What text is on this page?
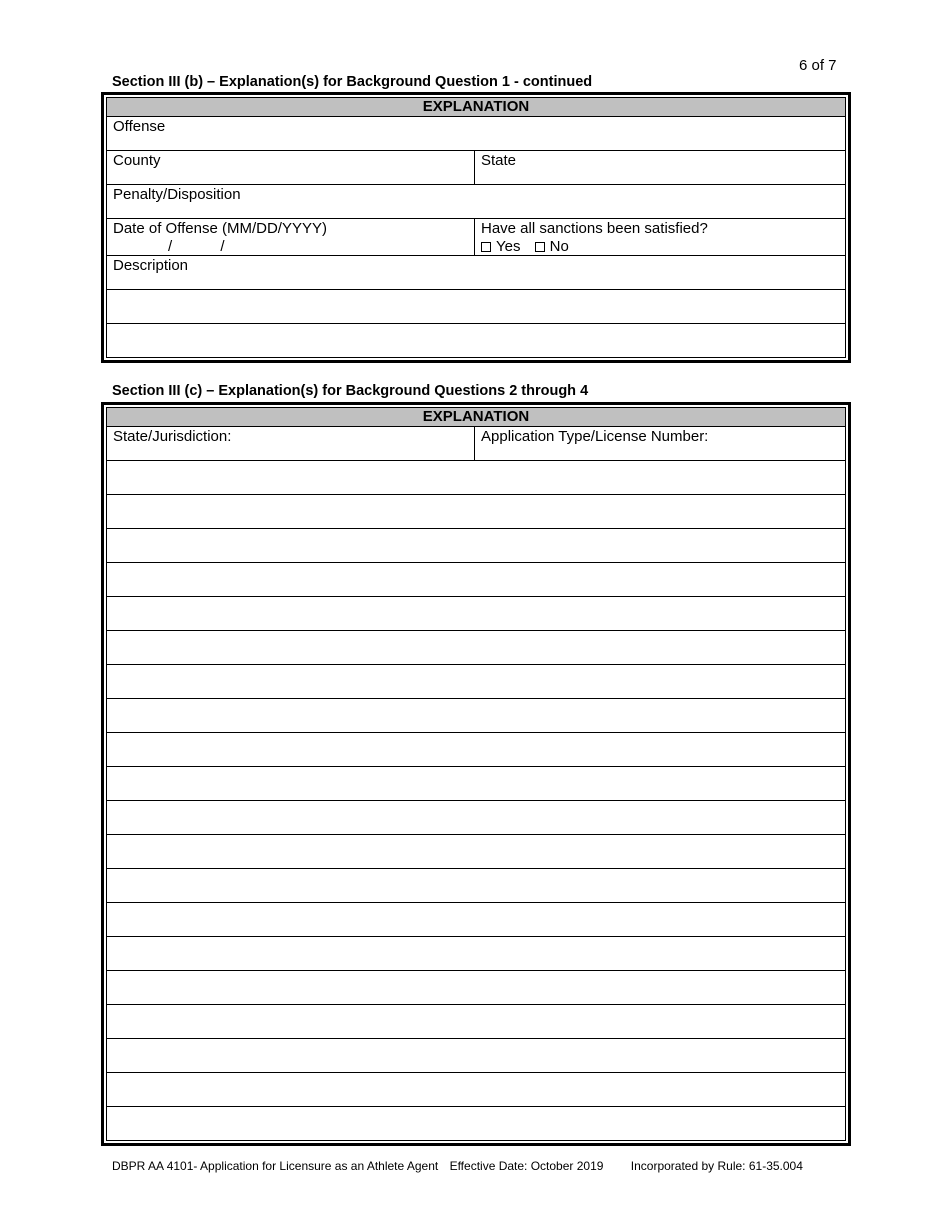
6 of 7
Section III (b) – Explanation(s) for Background Question 1 - continued
EXPLANATION
Offense
County	State
Penalty/Disposition
Date of Offense (MM/DD/YYYY)
/ /
Have all sanctions been satisfied?
Yes No
Description
Section III (c) – Explanation(s) for Background Questions 2 through 4
EXPLANATION
State/Jurisdiction:	Application Type/License Number:
DBPR AA 4101- Application for Licensure as an Athlete Agent Effective Date: October 2019 Incorporated by Rule: 61-35.004
